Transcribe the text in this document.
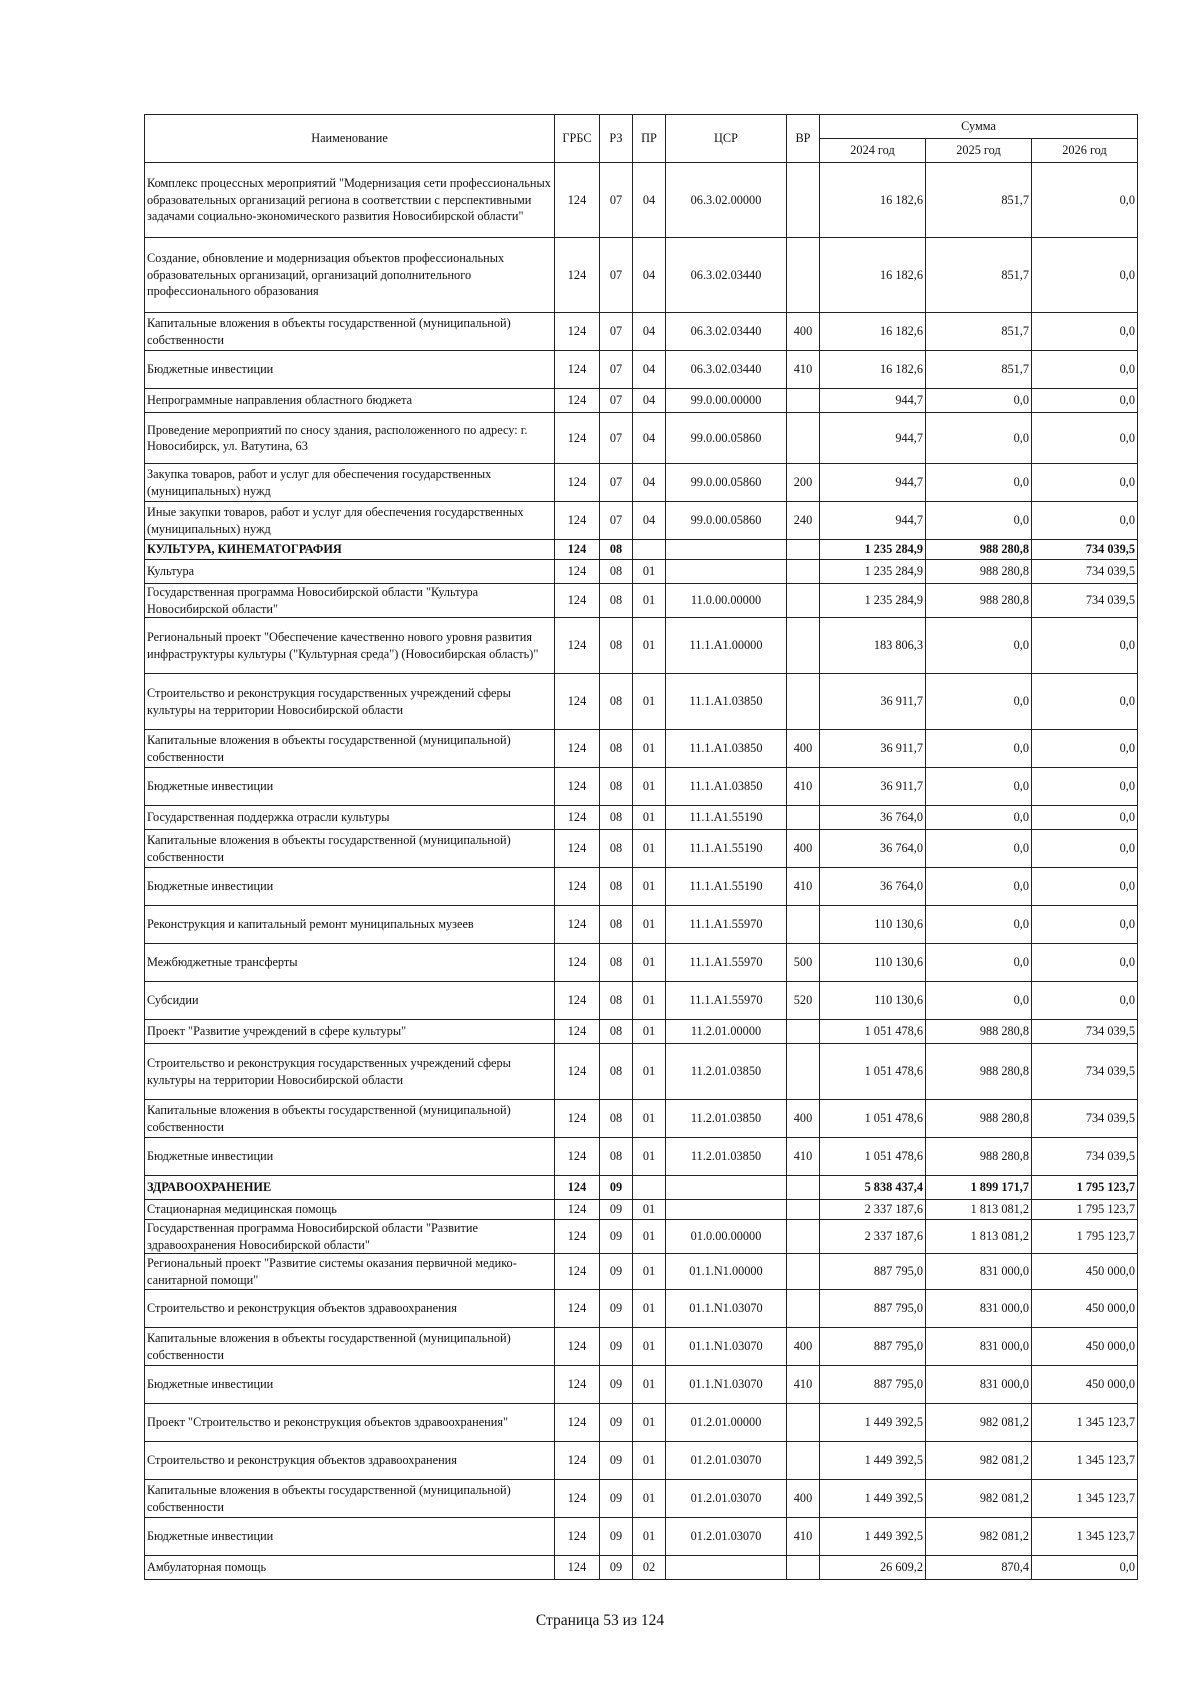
Наименование	ГРБС	РЗ	ПР	ЦСР	ВР	Сумма		
						2024 год	2025 год	2026 год
Комплекс процессных мероприятий "Модернизация сети профессиональных образовательных организаций региона в соответствии с перспективными задачами социально-экономического развития Новосибирской области"	124	07	04	06.3.02.00000		16 182,6	851,7	0,0
Создание, обновление и модернизация объектов профессиональных образовательных организаций, организаций дополнительного профессионального образования	124	07	04	06.3.02.03440		16 182,6	851,7	0,0
Капитальные вложения в объекты государственной (муниципальной) собственности	124	07	04	06.3.02.03440	400	16 182,6	851,7	0,0
Бюджетные инвестиции	124	07	04	06.3.02.03440	410	16 182,6	851,7	0,0
Непрограммные направления областного бюджета	124	07	04	99.0.00.00000		944,7	0,0	0,0
Проведение мероприятий по сносу здания, расположенного по адресу: г. Новосибирск, ул. Ватутина, 63	124	07	04	99.0.00.05860		944,7	0,0	0,0
Закупка товаров, работ и услуг для обеспечения государственных (муниципальных) нужд	124	07	04	99.0.00.05860	200	944,7	0,0	0,0
Иные закупки товаров, работ и услуг для обеспечения государственных (муниципальных) нужд	124	07	04	99.0.00.05860	240	944,7	0,0	0,0
КУЛЬТУРА, КИНЕМАТОГРАФИЯ	124	08				1 235 284,9	988 280,8	734 039,5
Культура	124	08	01			1 235 284,9	988 280,8	734 039,5
Государственная программа Новосибирской области "Культура Новосибирской области"	124	08	01	11.0.00.00000		1 235 284,9	988 280,8	734 039,5
Региональный проект "Обеспечение качественно нового уровня развития инфраструктуры культуры ("Культурная среда") (Новосибирская область)"	124	08	01	11.1.A1.00000		183 806,3	0,0	0,0
Строительство и реконструкция государственных учреждений сферы культуры на территории Новосибирской области	124	08	01	11.1.A1.03850		36 911,7	0,0	0,0
Капитальные вложения в объекты государственной (муниципальной) собственности	124	08	01	11.1.A1.03850	400	36 911,7	0,0	0,0
Бюджетные инвестиции	124	08	01	11.1.A1.03850	410	36 911,7	0,0	0,0
Государственная поддержка отрасли культуры	124	08	01	11.1.A1.55190		36 764,0	0,0	0,0
Капитальные вложения в объекты государственной (муниципальной) собственности	124	08	01	11.1.A1.55190	400	36 764,0	0,0	0,0
Бюджетные инвестиции	124	08	01	11.1.A1.55190	410	36 764,0	0,0	0,0
Реконструкция и капитальный ремонт муниципальных музеев	124	08	01	11.1.A1.55970		110 130,6	0,0	0,0
Межбюджетные трансферты	124	08	01	11.1.A1.55970	500	110 130,6	0,0	0,0
Субсидии	124	08	01	11.1.A1.55970	520	110 130,6	0,0	0,0
Проект "Развитие учреждений в сфере культуры"	124	08	01	11.2.01.00000		1 051 478,6	988 280,8	734 039,5
Строительство и реконструкция государственных учреждений сферы культуры на территории Новосибирской области	124	08	01	11.2.01.03850		1 051 478,6	988 280,8	734 039,5
Капитальные вложения в объекты государственной (муниципальной) собственности	124	08	01	11.2.01.03850	400	1 051 478,6	988 280,8	734 039,5
Бюджетные инвестиции	124	08	01	11.2.01.03850	410	1 051 478,6	988 280,8	734 039,5
ЗДРАВООХРАНЕНИЕ	124	09				5 838 437,4	1 899 171,7	1 795 123,7
Стационарная медицинская помощь	124	09	01			2 337 187,6	1 813 081,2	1 795 123,7
Государственная программа Новосибирской области "Развитие здравоохранения Новосибирской области"	124	09	01	01.0.00.00000		2 337 187,6	1 813 081,2	1 795 123,7
Региональный проект "Развитие системы оказания первичной медико-санитарной помощи"	124	09	01	01.1.N1.00000		887 795,0	831 000,0	450 000,0
Строительство и реконструкция объектов здравоохранения	124	09	01	01.1.N1.03070		887 795,0	831 000,0	450 000,0
Капитальные вложения в объекты государственной (муниципальной) собственности	124	09	01	01.1.N1.03070	400	887 795,0	831 000,0	450 000,0
Бюджетные инвестиции	124	09	01	01.1.N1.03070	410	887 795,0	831 000,0	450 000,0
Проект "Строительство и реконструкция объектов здравоохранения"	124	09	01	01.2.01.00000		1 449 392,5	982 081,2	1 345 123,7
Строительство и реконструкция объектов здравоохранения	124	09	01	01.2.01.03070		1 449 392,5	982 081,2	1 345 123,7
Капитальные вложения в объекты государственной (муниципальной) собственности	124	09	01	01.2.01.03070	400	1 449 392,5	982 081,2	1 345 123,7
Бюджетные инвестиции	124	09	01	01.2.01.03070	410	1 449 392,5	982 081,2	1 345 123,7
Амбулаторная помощь	124	09	02			26 609,2	870,4	0,0
Страница 53 из 124
